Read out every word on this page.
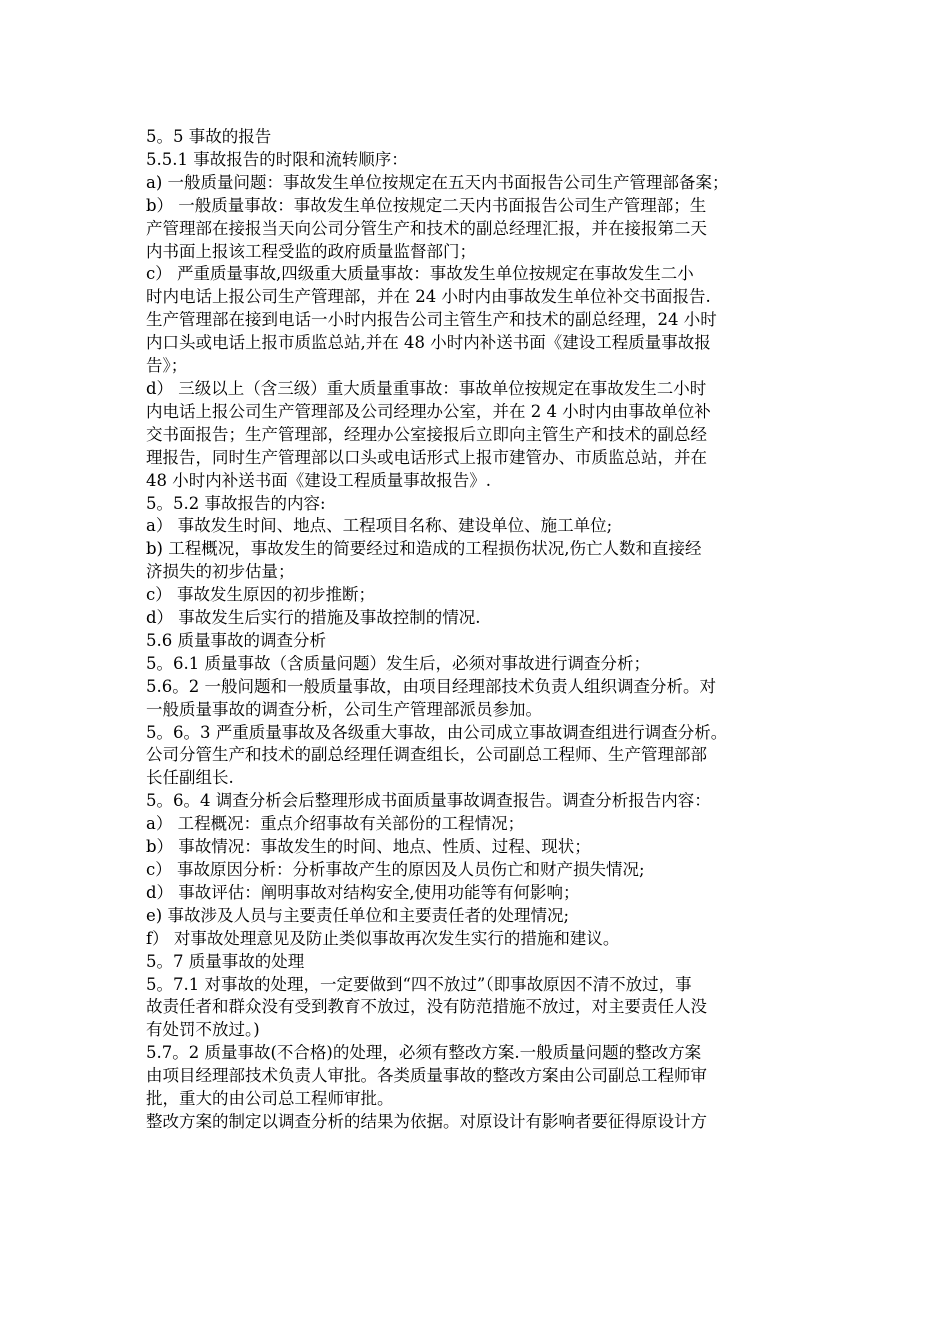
5。5 事故的报告

5.5.1 事故报告的时限和流转顺序：

a) 一般质量问题：事故发生单位按规定在五天内书面报告公司生产管理部备案；

b） 一般质量事故：事故发生单位按规定二天内书面报告公司生产管理部；生

产管理部在接报当天向公司分管生产和技术的副总经理汇报，并在接报第二天

内书面上报该工程受监的政府质量监督部门；

c） 严重质量事故,四级重大质量事故：事故发生单位按规定在事故发生二小

时内电话上报公司生产管理部，并在 24 小时内由事故发生单位补交书面报告.

生产管理部在接到电话一小时内报告公司主管生产和技术的副总经理，24 小时

内口头或电话上报市质监总站,并在 48 小时内补送书面《建设工程质量事故报

告》；

d） 三级以上（含三级）重大质量重事故：事故单位按规定在事故发生二小时

内电话上报公司生产管理部及公司经理办公室，并在 2 4 小时内由事故单位补

交书面报告；生产管理部，经理办公室接报后立即向主管生产和技术的副总经

理报告，同时生产管理部以口头或电话形式上报市建管办、市质监总站，并在

48 小时内补送书面《建设工程质量事故报告》.

5。5.2 事故报告的内容:

a） 事故发生时间、地点、工程项目名称、建设单位、施工单位;

b) 工程概况，事故发生的简要经过和造成的工程损伤状况,伤亡人数和直接经

济损失的初步估量；

c） 事故发生原因的初步推断；

d） 事故发生后实行的措施及事故控制的情况.

5.6 质量事故的调查分析

5。6.1 质量事故（含质量问题）发生后，必须对事故进行调查分析；

5.6。2 一般问题和一般质量事故，由项目经理部技术负责人组织调查分析。对

一般质量事故的调查分析，公司生产管理部派员参加。

5。6。3 严重质量事故及各级重大事故，由公司成立事故调查组进行调查分析。

公司分管生产和技术的副总经理任调查组长，公司副总工程师、生产管理部部

长任副组长.

5。6。4 调查分析会后整理形成书面质量事故调查报告。调查分析报告内容：

a） 工程概况：重点介绍事故有关部份的工程情况；

b） 事故情况：事故发生的时间、地点、性质、过程、现状；

c） 事故原因分析：分析事故产生的原因及人员伤亡和财产损失情况;

d） 事故评估：阐明事故对结构安全,使用功能等有何影响；

e) 事故涉及人员与主要责任单位和主要责任者的处理情况;

f） 对事故处理意见及防止类似事故再次发生实行的措施和建议。

5。7 质量事故的处理

5。7.1 对事故的处理，一定要做到“四不放过”（即事故原因不清不放过，事

故责任者和群众没有受到教育不放过，没有防范措施不放过，对主要责任人没

有处罚不放过。)

5.7。2 质量事故(不合格)的处理，必须有整改方案.一般质量问题的整改方案

由项目经理部技术负责人审批。各类质量事故的整改方案由公司副总工程师审

批，重大的由公司总工程师审批。

整改方案的制定以调查分析的结果为依据。对原设计有影响者要征得原设计方
